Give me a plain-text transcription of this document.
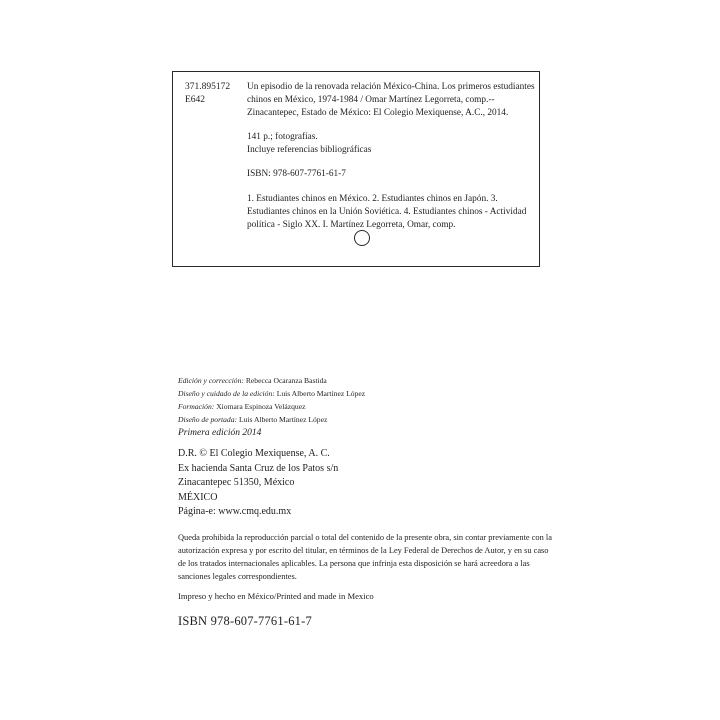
371.895172
E642

Un episodio de la renovada relación México-China. Los primeros estudiantes chinos en México, 1974-1984 / Omar Martínez Legorreta, comp.-- Zinacantepec, Estado de México: El Colegio Mexiquense, A.C., 2014.

141 p.; fotografías.

Incluye referencias bibliográficas

ISBN: 978-607-7761-61-7

1. Estudiantes chinos en México. 2. Estudiantes chinos en Japón. 3. Estudiantes chinos en la Unión Soviética. 4. Estudiantes chinos - Actividad política - Siglo XX. I. Martínez Legorreta, Omar, comp.

Edición y corrección: Rebecca Ocaranza Bastida
Diseño y cuidado de la edición: Luis Alberto Martínez López
Formación: Xiomara Espinoza Velázquez
Diseño de portada: Luis Alberto Martínez López
Primera edición 2014
D.R. © El Colegio Mexiquense, A. C.
Ex hacienda Santa Cruz de los Patos s/n
Zinacantepec 51350, México
MÉXICO
Página-e: www.cmq.edu.mx

Queda prohibida la reproducción parcial o total del contenido de la presente obra, sin contar previamente con la autorización expresa y por escrito del titular, en términos de la Ley Federal de Derechos de Autor, y en su caso de los tratados internacionales aplicables. La persona que infrinja esta disposición se hará acreedora a las sanciones legales correspondientes.

Impreso y hecho en México/Printed and made in Mexico
ISBN 978-607-7761-61-7
